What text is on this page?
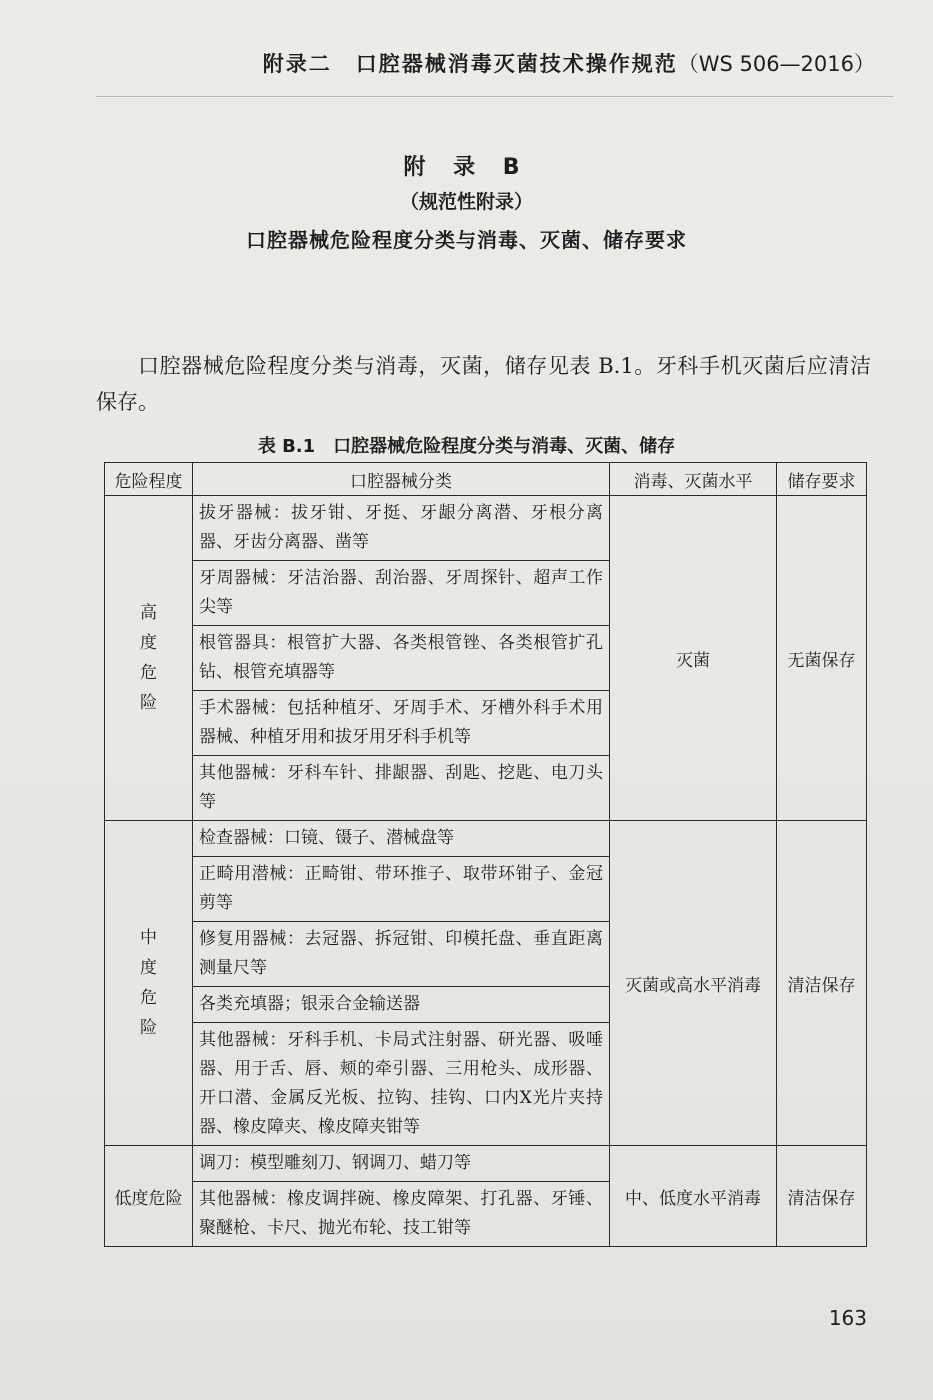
附录二 口腔器械消毒灭菌技术操作规范（WS 506—2016）
附 录 B
（规范性附录）
口腔器械危险程度分类与消毒、灭菌、储存要求

口腔器械危险程度分类与消毒，灭菌，储存见表 B.1。牙科手机灭菌后应清洁保存。

表 B.1　口腔器械危险程度分类与消毒、灭菌、储存
危险程度	口腔器械分类	消毒、灭菌水平	储存要求

高度危险	拔牙器械：拔牙钳、牙挺、牙龈分离潜、牙根分离器、牙齿分离器、凿等	灭菌	无菌保存
	牙周器械：牙洁治器、刮治器、牙周探针、超声工作尖等		
	根管器具：根管扩大器、各类根管锉、各类根管扩孔钻、根管充填器等		
	手术器械：包括种植牙、牙周手术、牙槽外科手术用器械、种植牙用和拔牙用牙科手机等		
	其他器械：牙科车针、排龈器、刮匙、挖匙、电刀头等		

中度危险	检查器械：口镜、镊子、潜械盘等	灭菌或高水平消毒	清洁保存
	正畸用潜械：正畸钳、带环推子、取带环钳子、金冠剪等		
	修复用器械：去冠器、拆冠钳、印模托盘、垂直距离测量尺等		
	各类充填器；银汞合金输送器		
	其他器械：牙科手机、卡局式注射器、研光器、吸唾器、用于舌、唇、颊的牵引器、三用枪头、成形器、开口潜、金属反光板、拉钩、挂钩、口内X光片夹持器、橡皮障夹、橡皮障夹钳等		
低度危险	调刀：模型雕刻刀、钢调刀、蜡刀等	中、低度水平消毒	清洁保存
	其他器械：橡皮调拌碗、橡皮障架、打孔器、牙锤、聚醚枪、卡尺、抛光布轮、技工钳等		
163
